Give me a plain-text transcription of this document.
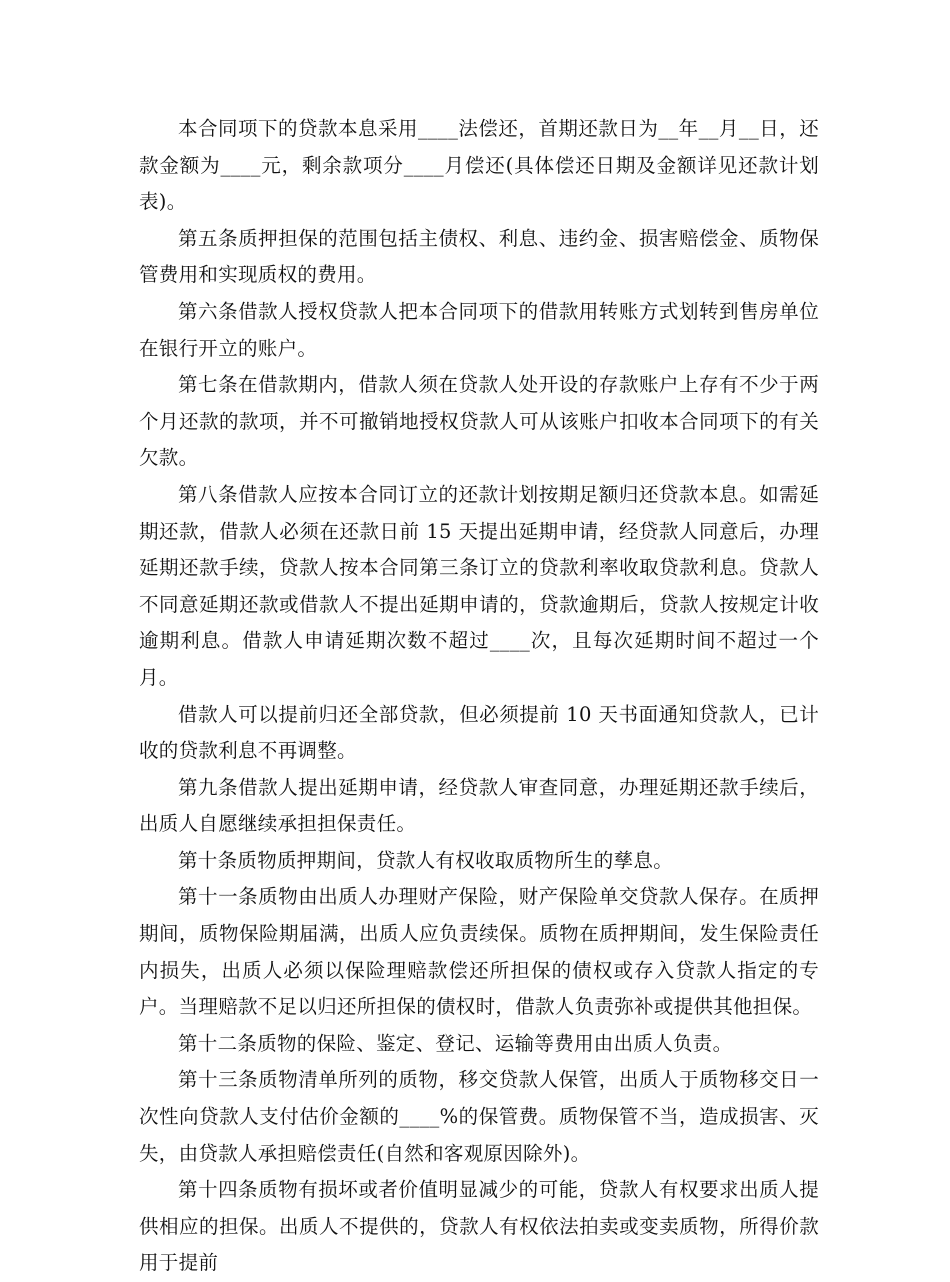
本合同项下的贷款本息采用____法偿还，首期还款日为__年__月__日，还款金额为____元，剩余款项分____月偿还(具体偿还日期及金额详见还款计划表)。

第五条质押担保的范围包括主债权、利息、违约金、损害赔偿金、质物保管费用和实现质权的费用。

第六条借款人授权贷款人把本合同项下的借款用转账方式划转到售房单位在银行开立的账户。

第七条在借款期内，借款人须在贷款人处开设的存款账户上存有不少于两个月还款的款项，并不可撤销地授权贷款人可从该账户扣收本合同项下的有关欠款。

第八条借款人应按本合同订立的还款计划按期足额归还贷款本息。如需延期还款，借款人必须在还款日前 15 天提出延期申请，经贷款人同意后，办理延期还款手续，贷款人按本合同第三条订立的贷款利率收取贷款利息。贷款人不同意延期还款或借款人不提出延期申请的，贷款逾期后，贷款人按规定计收逾期利息。借款人申请延期次数不超过____次，且每次延期时间不超过一个月。

借款人可以提前归还全部贷款，但必须提前 10 天书面通知贷款人，已计收的贷款利息不再调整。

第九条借款人提出延期申请，经贷款人审查同意，办理延期还款手续后，出质人自愿继续承担担保责任。

第十条质物质押期间，贷款人有权收取质物所生的孳息。

第十一条质物由出质人办理财产保险，财产保险单交贷款人保存。在质押期间，质物保险期届满，出质人应负责续保。质物在质押期间，发生保险责任内损失，出质人必须以保险理赔款偿还所担保的债权或存入贷款人指定的专户。当理赔款不足以归还所担保的债权时，借款人负责弥补或提供其他担保。

第十二条质物的保险、鉴定、登记、运输等费用由出质人负责。

第十三条质物清单所列的质物，移交贷款人保管，出质人于质物移交日一次性向贷款人支付估价金额的____%的保管费。质物保管不当，造成损害、灭失，由贷款人承担赔偿责任(自然和客观原因除外)。

第十四条质物有损坏或者价值明显减少的可能，贷款人有权要求出质人提供相应的担保。出质人不提供的，贷款人有权依法拍卖或变卖质物，所得价款用于提前
